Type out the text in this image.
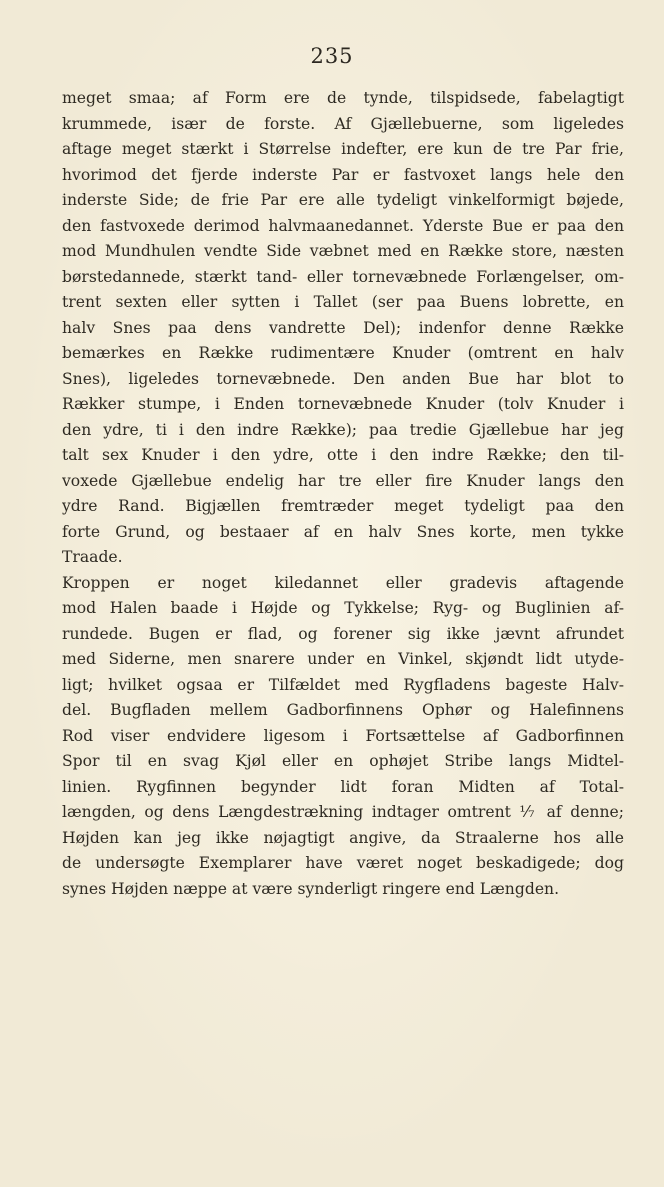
235
meget smaa; af Form ere de tynde, tilspidsede, fabelagtigt
krummede, især de forste. Af Gjællebuerne, som ligeledes
aftage meget stærkt i Størrelse indefter, ere kun de tre Par frie,
hvorimod det fjerde inderste Par er fastvoxet langs hele den
inderste Side; de frie Par ere alle tydeligt vinkelformigt bøjede,
den fastvoxede derimod halvmaanedannet. Yderste Bue er paa den
mod Mundhulen vendte Side væbnet med en Række store, næsten
børstedannede, stærkt tand- eller tornevæbnede Forlængelser, om-
trent sexten eller sytten i Tallet (ser paa Buens lobrette, en
halv Snes paa dens vandrette Del); indenfor denne Række
bemærkes en Række rudimentære Knuder (omtrent en halv
Snes), ligeledes tornevæbnede. Den anden Bue har blot to
Rækker stumpe, i Enden tornevæbnede Knuder (tolv Knuder i
den ydre, ti i den indre Række); paa tredie Gjællebue har jeg
talt sex Knuder i den ydre, otte i den indre Række; den til-
voxede Gjællebue endelig har tre eller fire Knuder langs den
ydre Rand. Bigjællen fremtræder meget tydeligt paa den
forte Grund, og bestaaer af en halv Snes korte, men tykke
Traade.
Kroppen er noget kiledannet eller gradevis aftagende
mod Halen baade i Højde og Tykkelse; Ryg- og Buglinien af-
rundede. Bugen er flad, og forener sig ikke jævnt afrundet
med Siderne, men snarere under en Vinkel, skjøndt lidt utyde-
ligt; hvilket ogsaa er Tilfældet med Rygfladens bageste Halv-
del. Bugfladen mellem Gadborfinnens Ophør og Halefinnens
Rod viser endvidere ligesom i Fortsættelse af Gadborfinnen
Spor til en svag Kjøl eller en ophøjet Stribe langs Midtel-
linien. Rygfinnen begynder lidt foran Midten af Total-
længden, og dens Længdestrækning indtager omtrent ⅐ af denne;
Højden kan jeg ikke nøjagtigt angive, da Straalerne hos alle
de undersøgte Exemplarer have været noget beskadigede; dog
synes Højden næppe at være synderligt ringere end Længden.
